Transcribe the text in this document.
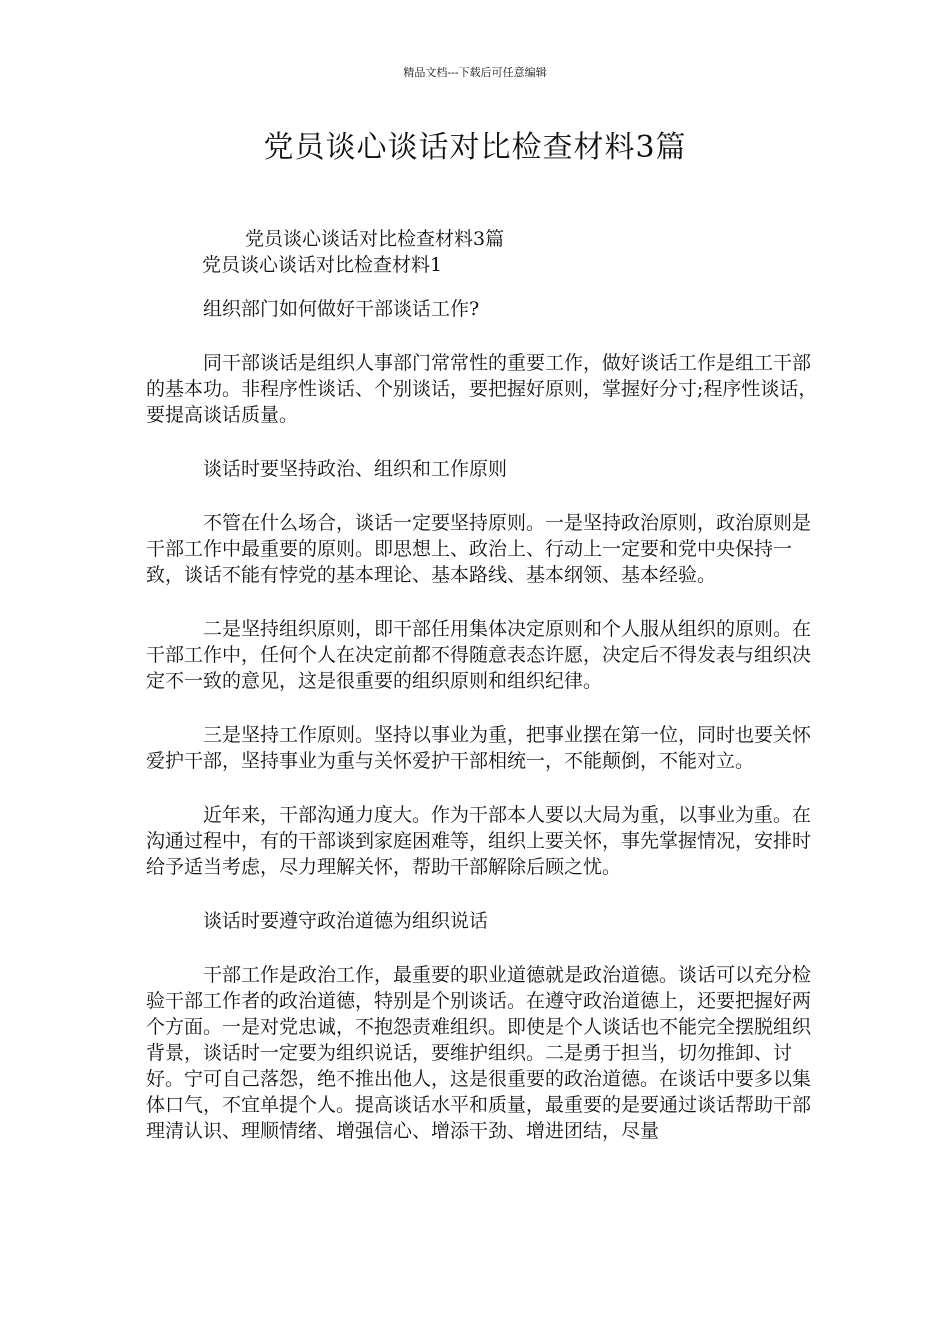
精品文档---下载后可任意编辑
党员谈心谈话对比检查材料3篇
党员谈心谈话对比检查材料3篇
党员谈心谈话对比检查材料1

组织部门如何做好干部谈话工作?

同干部谈话是组织人事部门常常性的重要工作，做好谈话工作是组工干部的基本功。非程序性谈话、个别谈话，要把握好原则，掌握好分寸;程序性谈话，要提高谈话质量。

谈话时要坚持政治、组织和工作原则

不管在什么场合，谈话一定要坚持原则。一是坚持政治原则，政治原则是干部工作中最重要的原则。即思想上、政治上、行动上一定要和党中央保持一致，谈话不能有悖党的基本理论、基本路线、基本纲领、基本经验。

二是坚持组织原则，即干部任用集体决定原则和个人服从组织的原则。在干部工作中，任何个人在决定前都不得随意表态许愿，决定后不得发表与组织决定不一致的意见，这是很重要的组织原则和组织纪律。

三是坚持工作原则。坚持以事业为重，把事业摆在第一位，同时也要关怀爱护干部，坚持事业为重与关怀爱护干部相统一，不能颠倒，不能对立。

近年来，干部沟通力度大。作为干部本人要以大局为重，以事业为重。在沟通过程中，有的干部谈到家庭困难等，组织上要关怀，事先掌握情况，安排时给予适当考虑，尽力理解关怀，帮助干部解除后顾之忧。

谈话时要遵守政治道德为组织说话

干部工作是政治工作，最重要的职业道德就是政治道德。谈话可以充分检验干部工作者的政治道德，特别是个别谈话。在遵守政治道德上，还要把握好两个方面。一是对党忠诚，不抱怨责难组织。即使是个人谈话也不能完全摆脱组织背景，谈话时一定要为组织说话，要维护组织。二是勇于担当，切勿推卸、讨好。宁可自己落怨，绝不推出他人，这是很重要的政治道德。在谈话中要多以集体口气，不宜单提个人。提高谈话水平和质量，最重要的是要通过谈话帮助干部理清认识、理顺情绪、增强信心、增添干劲、增进团结，尽量
